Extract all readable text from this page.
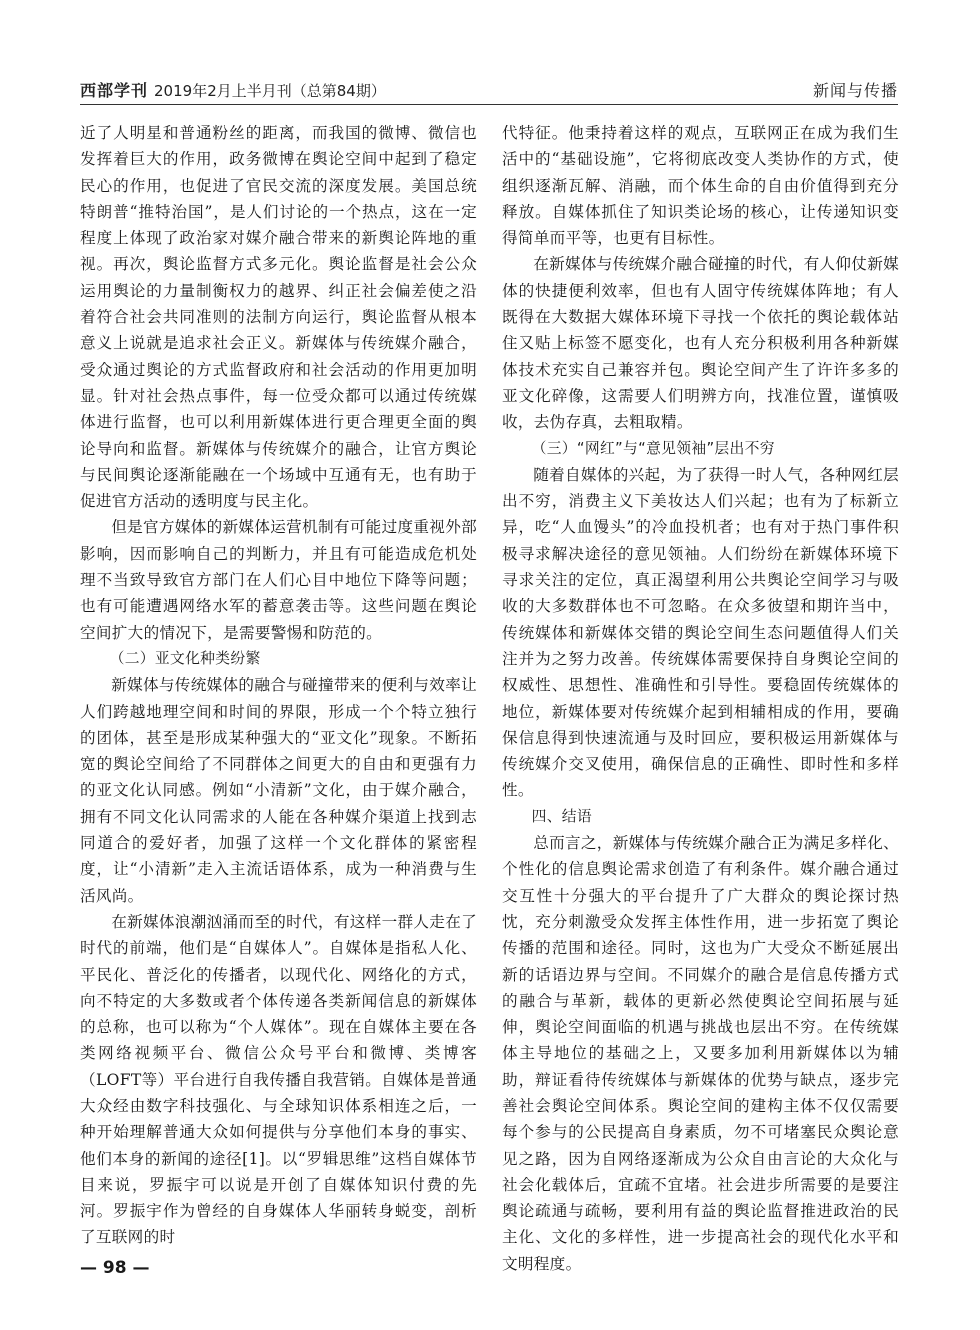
西部学刊 2019年2月上半月刊（总第84期）	新闻与传播

近了人明星和普通粉丝的距离，而我国的微博、微信也发挥着巨大的作用，政务微博在舆论空间中起到了稳定民心的作用，也促进了官民交流的深度发展。美国总统特朗普“推特治国”，是人们讨论的一个热点，这在一定程度上体现了政治家对媒介融合带来的新舆论阵地的重视。再次，舆论监督方式多元化。舆论监督是社会公众运用舆论的力量制衡权力的越界、纠正社会偏差使之沿着符合社会共同准则的法制方向运行，舆论监督从根本意义上说就是追求社会正义。新媒体与传统媒介融合，受众通过舆论的方式监督政府和社会活动的作用更加明显。针对社会热点事件，每一位受众都可以通过传统媒体进行监督，也可以利用新媒体进行更合理更全面的舆论导向和监督。新媒体与传统媒介的融合，让官方舆论与民间舆论逐渐能融在一个场域中互通有无，也有助于促进官方活动的透明度与民主化。

但是官方媒体的新媒体运营机制有可能过度重视外部影响，因而影响自己的判断力，并且有可能造成危机处理不当致导致官方部门在人们心目中地位下降等问题；也有可能遭遇网络水军的蓄意袭击等。这些问题在舆论空间扩大的情况下，是需要警惕和防范的。

（二）亚文化种类纷繁

新媒体与传统媒体的融合与碰撞带来的便利与效率让人们跨越地理空间和时间的界限，形成一个个特立独行的团体，甚至是形成某种强大的“亚文化”现象。不断拓宽的舆论空间给了不同群体之间更大的自由和更强有力的亚文化认同感。例如“小清新”文化，由于媒介融合，拥有不同文化认同需求的人能在各种媒介渠道上找到志同道合的爱好者，加强了这样一个文化群体的紧密程度，让“小清新”走入主流话语体系，成为一种消费与生活风尚。

在新媒体浪潮汹涌而至的时代，有这样一群人走在了时代的前端，他们是“自媒体人”。自媒体是指私人化、平民化、普泛化的传播者，以现代化、网络化的方式，向不特定的大多数或者个体传递各类新闻信息的新媒体的总称，也可以称为“个人媒体”。现在自媒体主要在各类网络视频平台、微信公众号平台和微博、类博客（LOFT等）平台进行自我传播自我营销。自媒体是普通大众经由数字科技强化、与全球知识体系相连之后，一种开始理解普通大众如何提供与分享他们本身的事实、他们本身的新闻的途径[1]。以“罗辑思维”这档自媒体节目来说，罗振宇可以说是开创了自媒体知识付费的先河。罗振宇作为曾经的自身媒体人华丽转身蜕变，剖析了互联网的时

代特征。他秉持着这样的观点，互联网正在成为我们生活中的“基础设施”，它将彻底改变人类协作的方式，使组织逐渐瓦解、消融，而个体生命的自由价值得到充分释放。自媒体抓住了知识类论场的核心，让传递知识变得简单而平等，也更有目标性。

在新媒体与传统媒介融合碰撞的时代，有人仰仗新媒体的快捷便利效率，但也有人固守传统媒体阵地；有人既得在大数据大媒体环境下寻找一个依托的舆论载体站住又贴上标签不愿变化，也有人充分积极利用各种新媒体技术充实自己兼容并包。舆论空间产生了许许多多的亚文化碎像，这需要人们明辨方向，找准位置，谨慎吸收，去伪存真，去粗取精。

（三）“网红”与“意见领袖”层出不穷

随着自媒体的兴起，为了获得一时人气，各种网红层出不穷，消费主义下美妆达人们兴起；也有为了标新立异，吃“人血馒头”的冷血投机者；也有对于热门事件积极寻求解决途径的意见领袖。人们纷纷在新媒体环境下寻求关注的定位，真正渴望利用公共舆论空间学习与吸收的大多数群体也不可忽略。在众多彼望和期许当中，传统媒体和新媒体交错的舆论空间生态问题值得人们关注并为之努力改善。传统媒体需要保持自身舆论空间的权威性、思想性、准确性和引导性。要稳固传统媒体的地位，新媒体要对传统媒介起到相辅相成的作用，要确保信息得到快速流通与及时回应，要积极运用新媒体与传统媒介交叉使用，确保信息的正确性、即时性和多样性。

四、结语

总而言之，新媒体与传统媒介融合正为满足多样化、个性化的信息舆论需求创造了有利条件。媒介融合通过交互性十分强大的平台提升了广大群众的舆论探讨热忱，充分刺激受众发挥主体性作用，进一步拓宽了舆论传播的范围和途径。同时，这也为广大受众不断延展出新的话语边界与空间。不同媒介的融合是信息传播方式的融合与革新，载体的更新必然使舆论空间拓展与延伸，舆论空间面临的机遇与挑战也层出不穷。在传统媒体主导地位的基础之上，又要多加利用新媒体以为辅助，辩证看待传统媒体与新媒体的优势与缺点，逐步完善社会舆论空间体系。舆论空间的建构主体不仅仅需要每个参与的公民提高自身素质，勿不可堵塞民众舆论意见之路，因为自网络逐渐成为公众自由言论的大众化与社会化载体后，宜疏不宜堵。社会进步所需要的是要注舆论疏通与疏畅，要利用有益的舆论监督推进政治的民主化、文化的多样性，进一步提高社会的现代化水平和文明程度。

— 98 —
